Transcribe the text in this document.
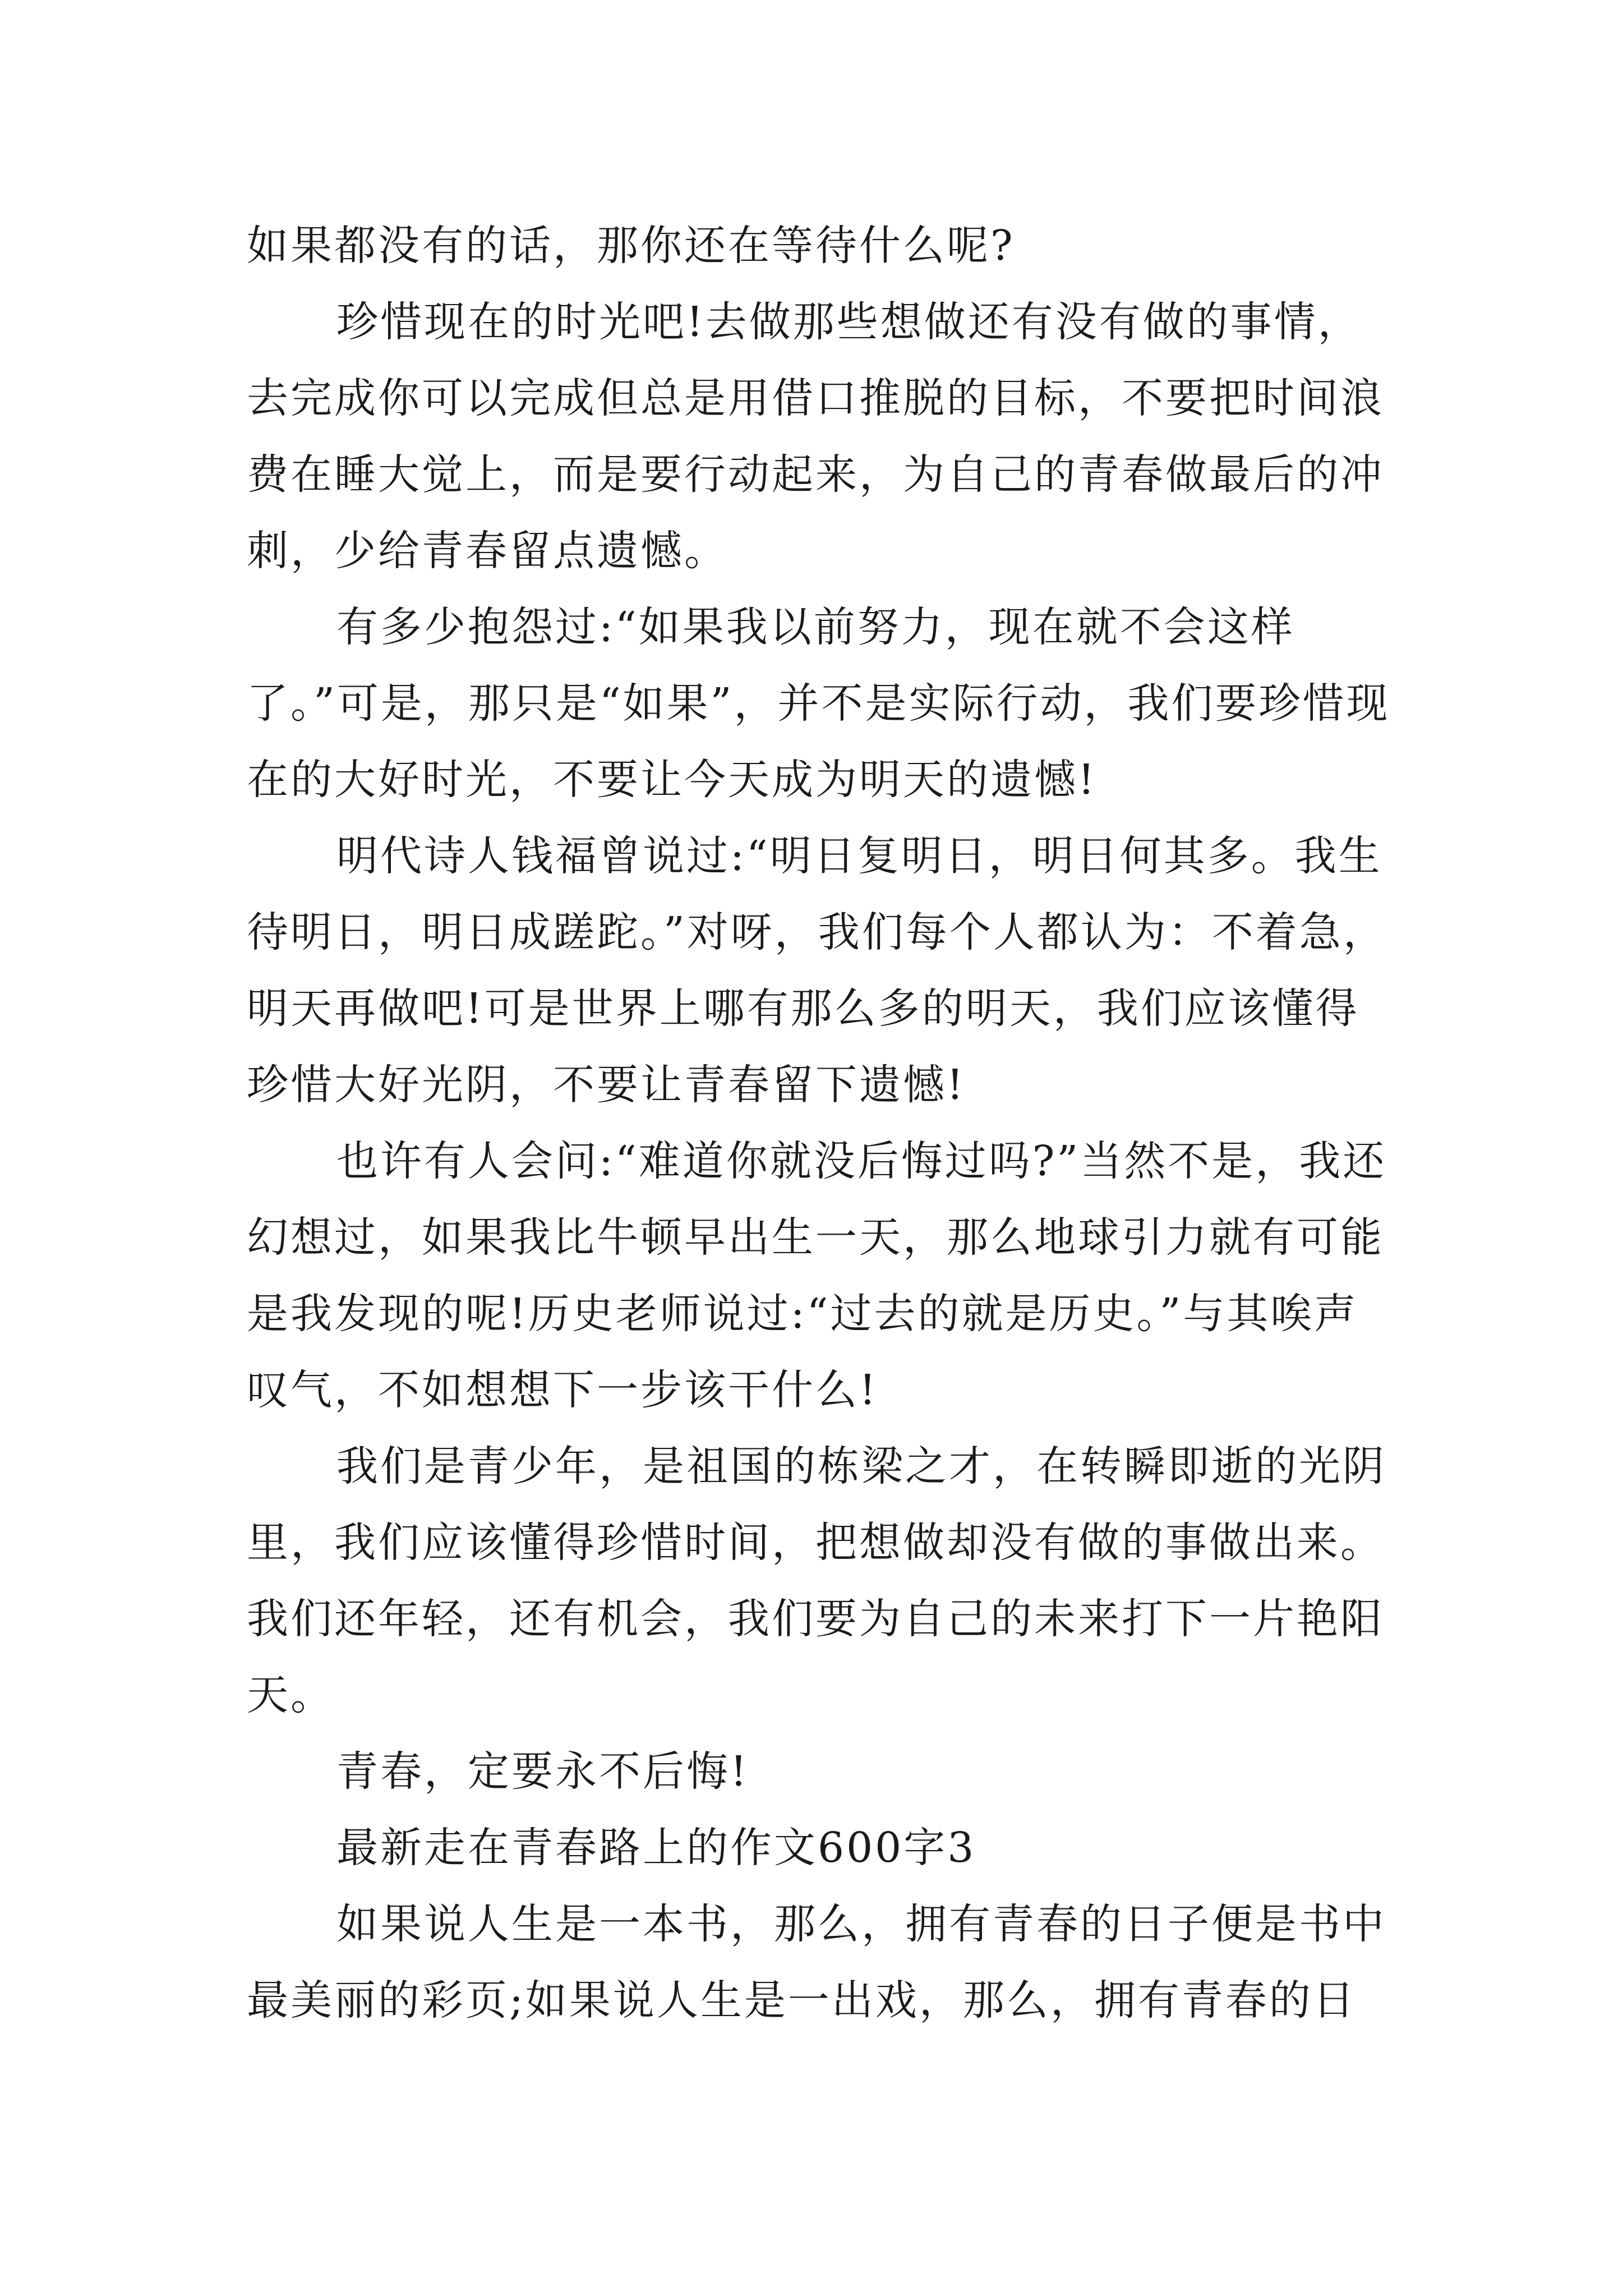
如果都没有的话，那你还在等待什么呢?

珍惜现在的时光吧!去做那些想做还有没有做的事情，去完成你可以完成但总是用借口推脱的目标，不要把时间浪费在睡大觉上，而是要行动起来，为自己的青春做最后的冲刺，少给青春留点遗憾。

有多少抱怨过:“如果我以前努力，现在就不会这样了。”可是，那只是“如果”，并不是实际行动，我们要珍惜现在的大好时光，不要让今天成为明天的遗憾!

明代诗人钱福曾说过:“明日复明日，明日何其多。我生待明日，明日成蹉跎。”对呀，我们每个人都认为：不着急，明天再做吧!可是世界上哪有那么多的明天，我们应该懂得珍惜大好光阴，不要让青春留下遗憾!

也许有人会问:“难道你就没后悔过吗?”当然不是，我还幻想过，如果我比牛顿早出生一天，那么地球引力就有可能是我发现的呢!历史老师说过:“过去的就是历史。”与其唉声叹气，不如想想下一步该干什么!

我们是青少年，是祖国的栋梁之才，在转瞬即逝的光阴里，我们应该懂得珍惜时间，把想做却没有做的事做出来。我们还年轻，还有机会，我们要为自己的未来打下一片艳阳天。

青春，定要永不后悔!

最新走在青春路上的作文600字3

如果说人生是一本书，那么，拥有青春的日子便是书中最美丽的彩页;如果说人生是一出戏，那么，拥有青春的日
